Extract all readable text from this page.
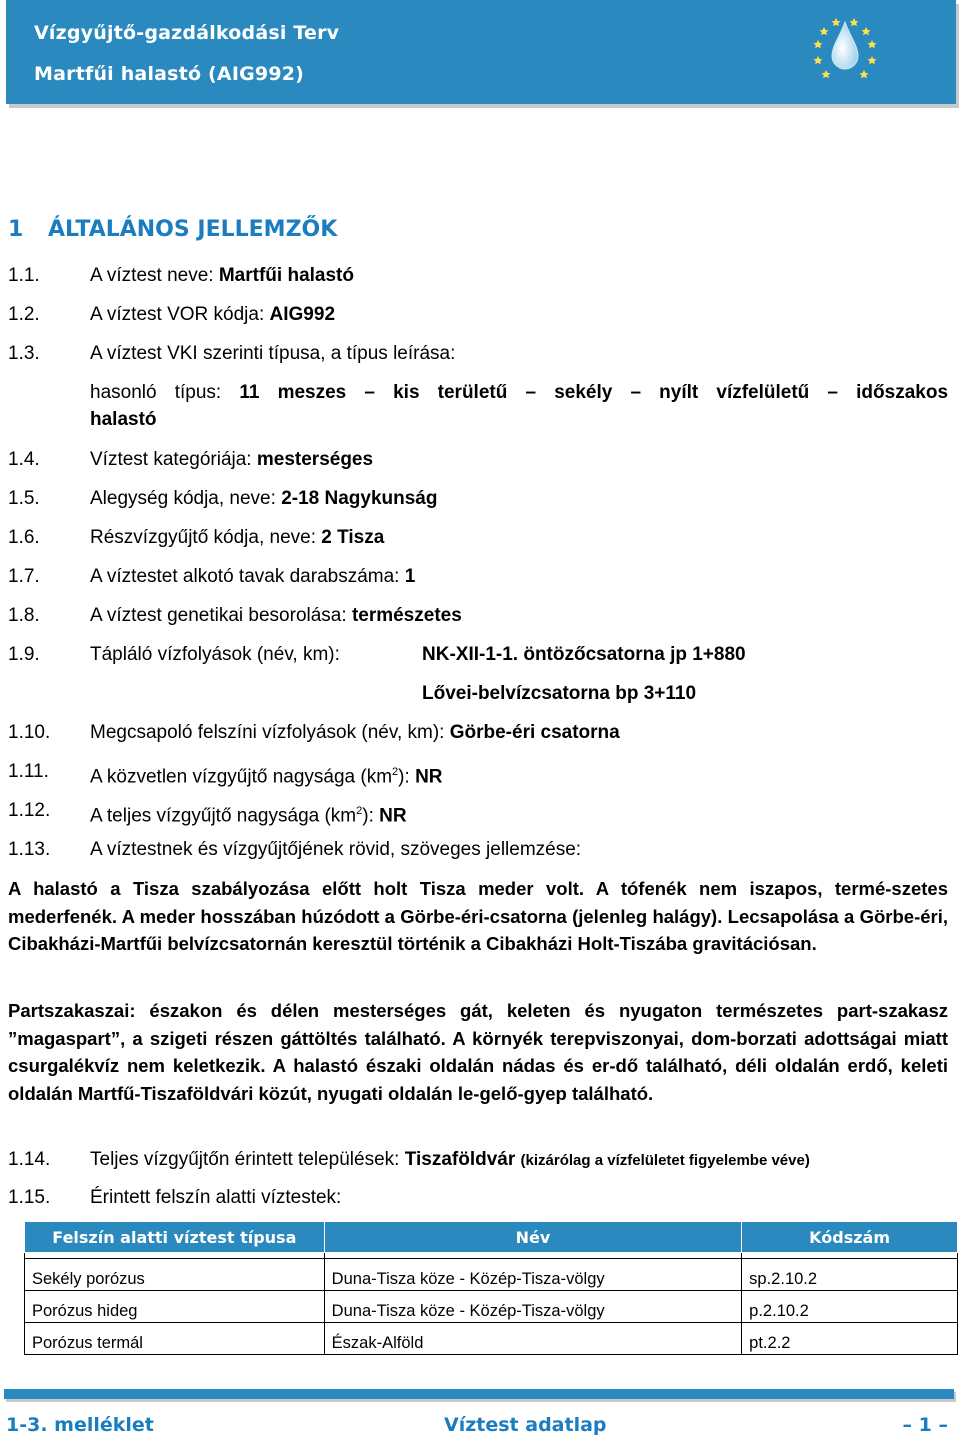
Vízgyűjtő-gazdálkodási Terv
Martfűi halastó (AIG992)
1 ÁLTALÁNOS JELLEMZŐK
1.1.	A víztest neve: Martfűi halastó
1.2.	A víztest VOR kódja: AIG992
1.3.	A víztest VKI szerinti típusa, a típus leírása:
hasonló típus: 11 meszes – kis területű – sekély – nyílt vízfelületű – időszakos
halastó
1.4.	Víztest kategóriája: mesterséges
1.5.	Alegység kódja, neve: 2-18 Nagykunság
1.6.	Részvízgyűjtő kódja, neve: 2 Tisza
1.7.	A víztestet alkotó tavak darabszáma: 1
1.8.	A víztest genetikai besorolása: természetes
1.9.	Tápláló vízfolyások (név, km):	NK-XII-1-1. öntözőcsatorna jp 1+880
Lővei-belvízcsatorna bp 3+110
1.10. Megcsapoló felszíni vízfolyások (név, km): Görbe-éri csatorna
1.11. A közvetlen vízgyűjtő nagysága $(km^2)$: NR
1.12. A teljes vízgyűjtő nagysága $(km^2)$: NR
1.13. A víztestnek és vízgyűjtőjének rövid, szöveges jellemzése:
A halastó a Tisza szabályozása előtt holt Tisza meder volt. A tófenék nem iszapos, termé-szetes mederfenék. A meder hosszában húzódott a Görbe-éri-csatorna (jelenleg halágy). Lecsapolása a Görbe-éri, Cibakházi-Martfűi belvízcsatornán keresztül történik a Cibakházi Holt-Tiszába gravitációsan.
Partszakaszai: északon és délen mesterséges gát, keleten és nyugaton természetes part-szakasz ”magaspart”, a szigeti részen gáttöltés található. A környék terepviszonyai, dom-borzati adottságai miatt csurgalékvíz nem keletkezik. A halastó északi oldalán nádas és er-dő található, déli oldalán erdő, keleti oldalán Martfű-Tiszaföldvári közút, nyugati oldalán le-gelő-gyep található.
1.14. Teljes vízgyűjtőn érintett települések: Tiszaföldvár (kizárólag a vízfelületet figyelembe véve)
1.15. Érintett felszín alatti víztestek:
Felszín alatti víztest típusa	Név	Kódszám

Sekély porózus	Duna-Tisza köze - Közép-Tisza-völgy	sp.2.10.2
Porózus hideg	Duna-Tisza köze - Közép-Tisza-völgy	p.2.10.2
Porózus termál	Észak-Alföld	pt.2.2
1-3. melléklet	Víztest adatlap	– 1 –
